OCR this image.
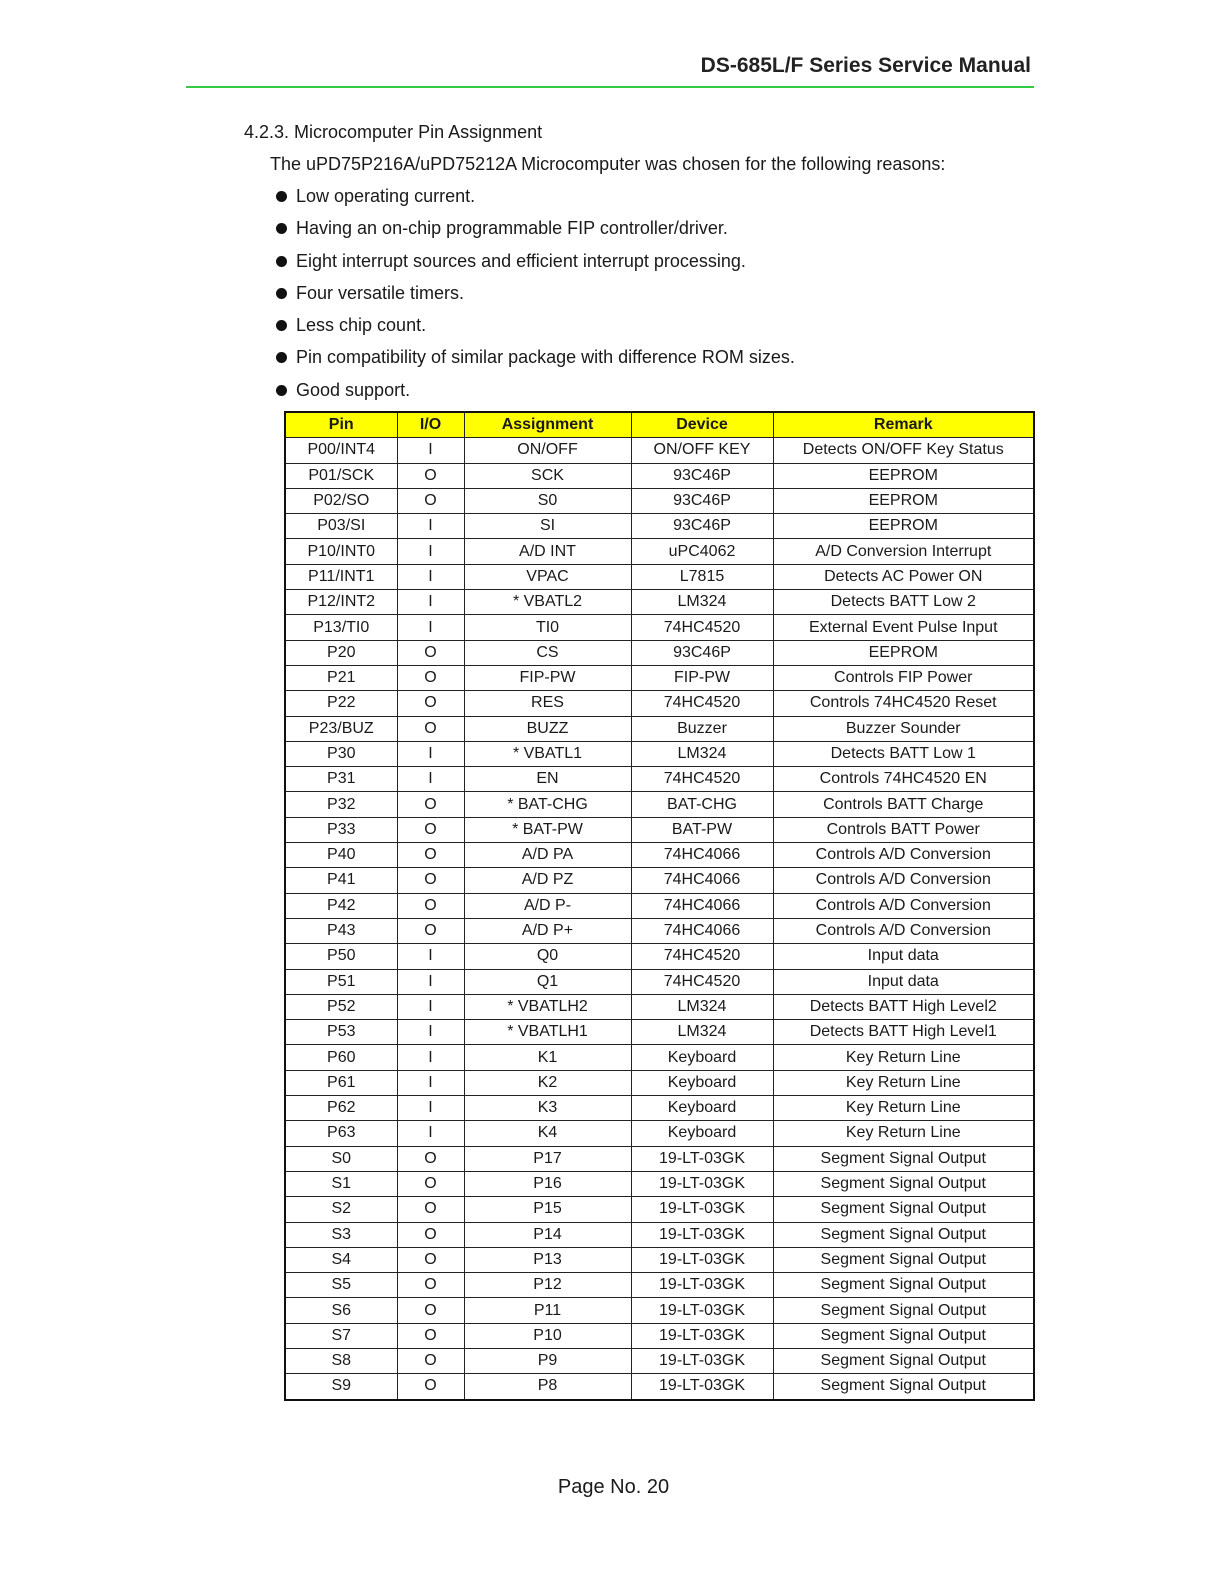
DS-685L/F Series Service Manual
4.2.3. Microcomputer Pin Assignment
The uPD75P216A/uPD75212A Microcomputer was chosen for the following reasons:
Low operating current.
Having an on-chip programmable FIP controller/driver.
Eight interrupt sources and efficient interrupt processing.
Four versatile timers.
Less chip count.
Pin compatibility of similar package with difference ROM sizes.
Good support.
Pin	I/O	Assignment	Device	Remark
P00/INT4	I	ON/OFF	ON/OFF KEY	Detects ON/OFF Key Status
P01/SCK	O	SCK	93C46P	EEPROM
P02/SO	O	S0	93C46P	EEPROM
P03/SI	I	SI	93C46P	EEPROM
P10/INT0	I	A/D INT	uPC4062	A/D Conversion Interrupt
P11/INT1	I	VPAC	L7815	Detects AC Power ON
P12/INT2	I	* VBATL2	LM324	Detects BATT Low 2
P13/TI0	I	TI0	74HC4520	External Event Pulse Input
P20	O	CS	93C46P	EEPROM
P21	O	FIP-PW	FIP-PW	Controls FIP Power
P22	O	RES	74HC4520	Controls 74HC4520 Reset
P23/BUZ	O	BUZZ	Buzzer	Buzzer Sounder
P30	I	* VBATL1	LM324	Detects BATT Low 1
P31	I	EN	74HC4520	Controls 74HC4520 EN
P32	O	* BAT-CHG	BAT-CHG	Controls BATT Charge
P33	O	* BAT-PW	BAT-PW	Controls BATT Power
P40	O	A/D PA	74HC4066	Controls A/D Conversion
P41	O	A/D PZ	74HC4066	Controls A/D Conversion
P42	O	A/D P-	74HC4066	Controls A/D Conversion
P43	O	A/D P+	74HC4066	Controls A/D Conversion
P50	I	Q0	74HC4520	Input data
P51	I	Q1	74HC4520	Input data
P52	I	* VBATLH2	LM324	Detects BATT High Level2
P53	I	* VBATLH1	LM324	Detects BATT High Level1
P60	I	K1	Keyboard	Key Return Line
P61	I	K2	Keyboard	Key Return Line
P62	I	K3	Keyboard	Key Return Line
P63	I	K4	Keyboard	Key Return Line
S0	O	P17	19-LT-03GK	Segment Signal Output
S1	O	P16	19-LT-03GK	Segment Signal Output
S2	O	P15	19-LT-03GK	Segment Signal Output
S3	O	P14	19-LT-03GK	Segment Signal Output
S4	O	P13	19-LT-03GK	Segment Signal Output
S5	O	P12	19-LT-03GK	Segment Signal Output
S6	O	P11	19-LT-03GK	Segment Signal Output
S7	O	P10	19-LT-03GK	Segment Signal Output
S8	O	P9	19-LT-03GK	Segment Signal Output
S9	O	P8	19-LT-03GK	Segment Signal Output
Page No. 20
